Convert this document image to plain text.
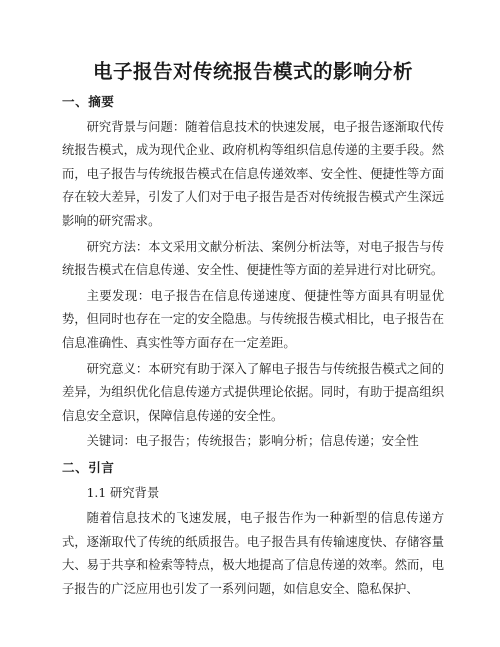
电子报告对传统报告模式的影响分析

一、摘要

研究背景与问题：随着信息技术的快速发展，电子报告逐渐取代传统报告模式，成为现代企业、政府机构等组织信息传递的主要手段。然而，电子报告与传统报告模式在信息传递效率、安全性、便捷性等方面存在较大差异，引发了人们对于电子报告是否对传统报告模式产生深远影响的研究需求。

研究方法：本文采用文献分析法、案例分析法等，对电子报告与传统报告模式在信息传递、安全性、便捷性等方面的差异进行对比研究。

主要发现：电子报告在信息传递速度、便捷性等方面具有明显优势，但同时也存在一定的安全隐患。与传统报告模式相比，电子报告在信息准确性、真实性等方面存在一定差距。

研究意义：本研究有助于深入了解电子报告与传统报告模式之间的差异，为组织优化信息传递方式提供理论依据。同时，有助于提高组织信息安全意识，保障信息传递的安全性。

关键词：电子报告；传统报告；影响分析；信息传递；安全性

二、引言

1.1 研究背景

随着信息技术的飞速发展，电子报告作为一种新型的信息传递方式，逐渐取代了传统的纸质报告。电子报告具有传输速度快、存储容量大、易于共享和检索等特点，极大地提高了信息传递的效率。然而，电子报告的广泛应用也引发了一系列问题，如信息安全、隐私保护、
